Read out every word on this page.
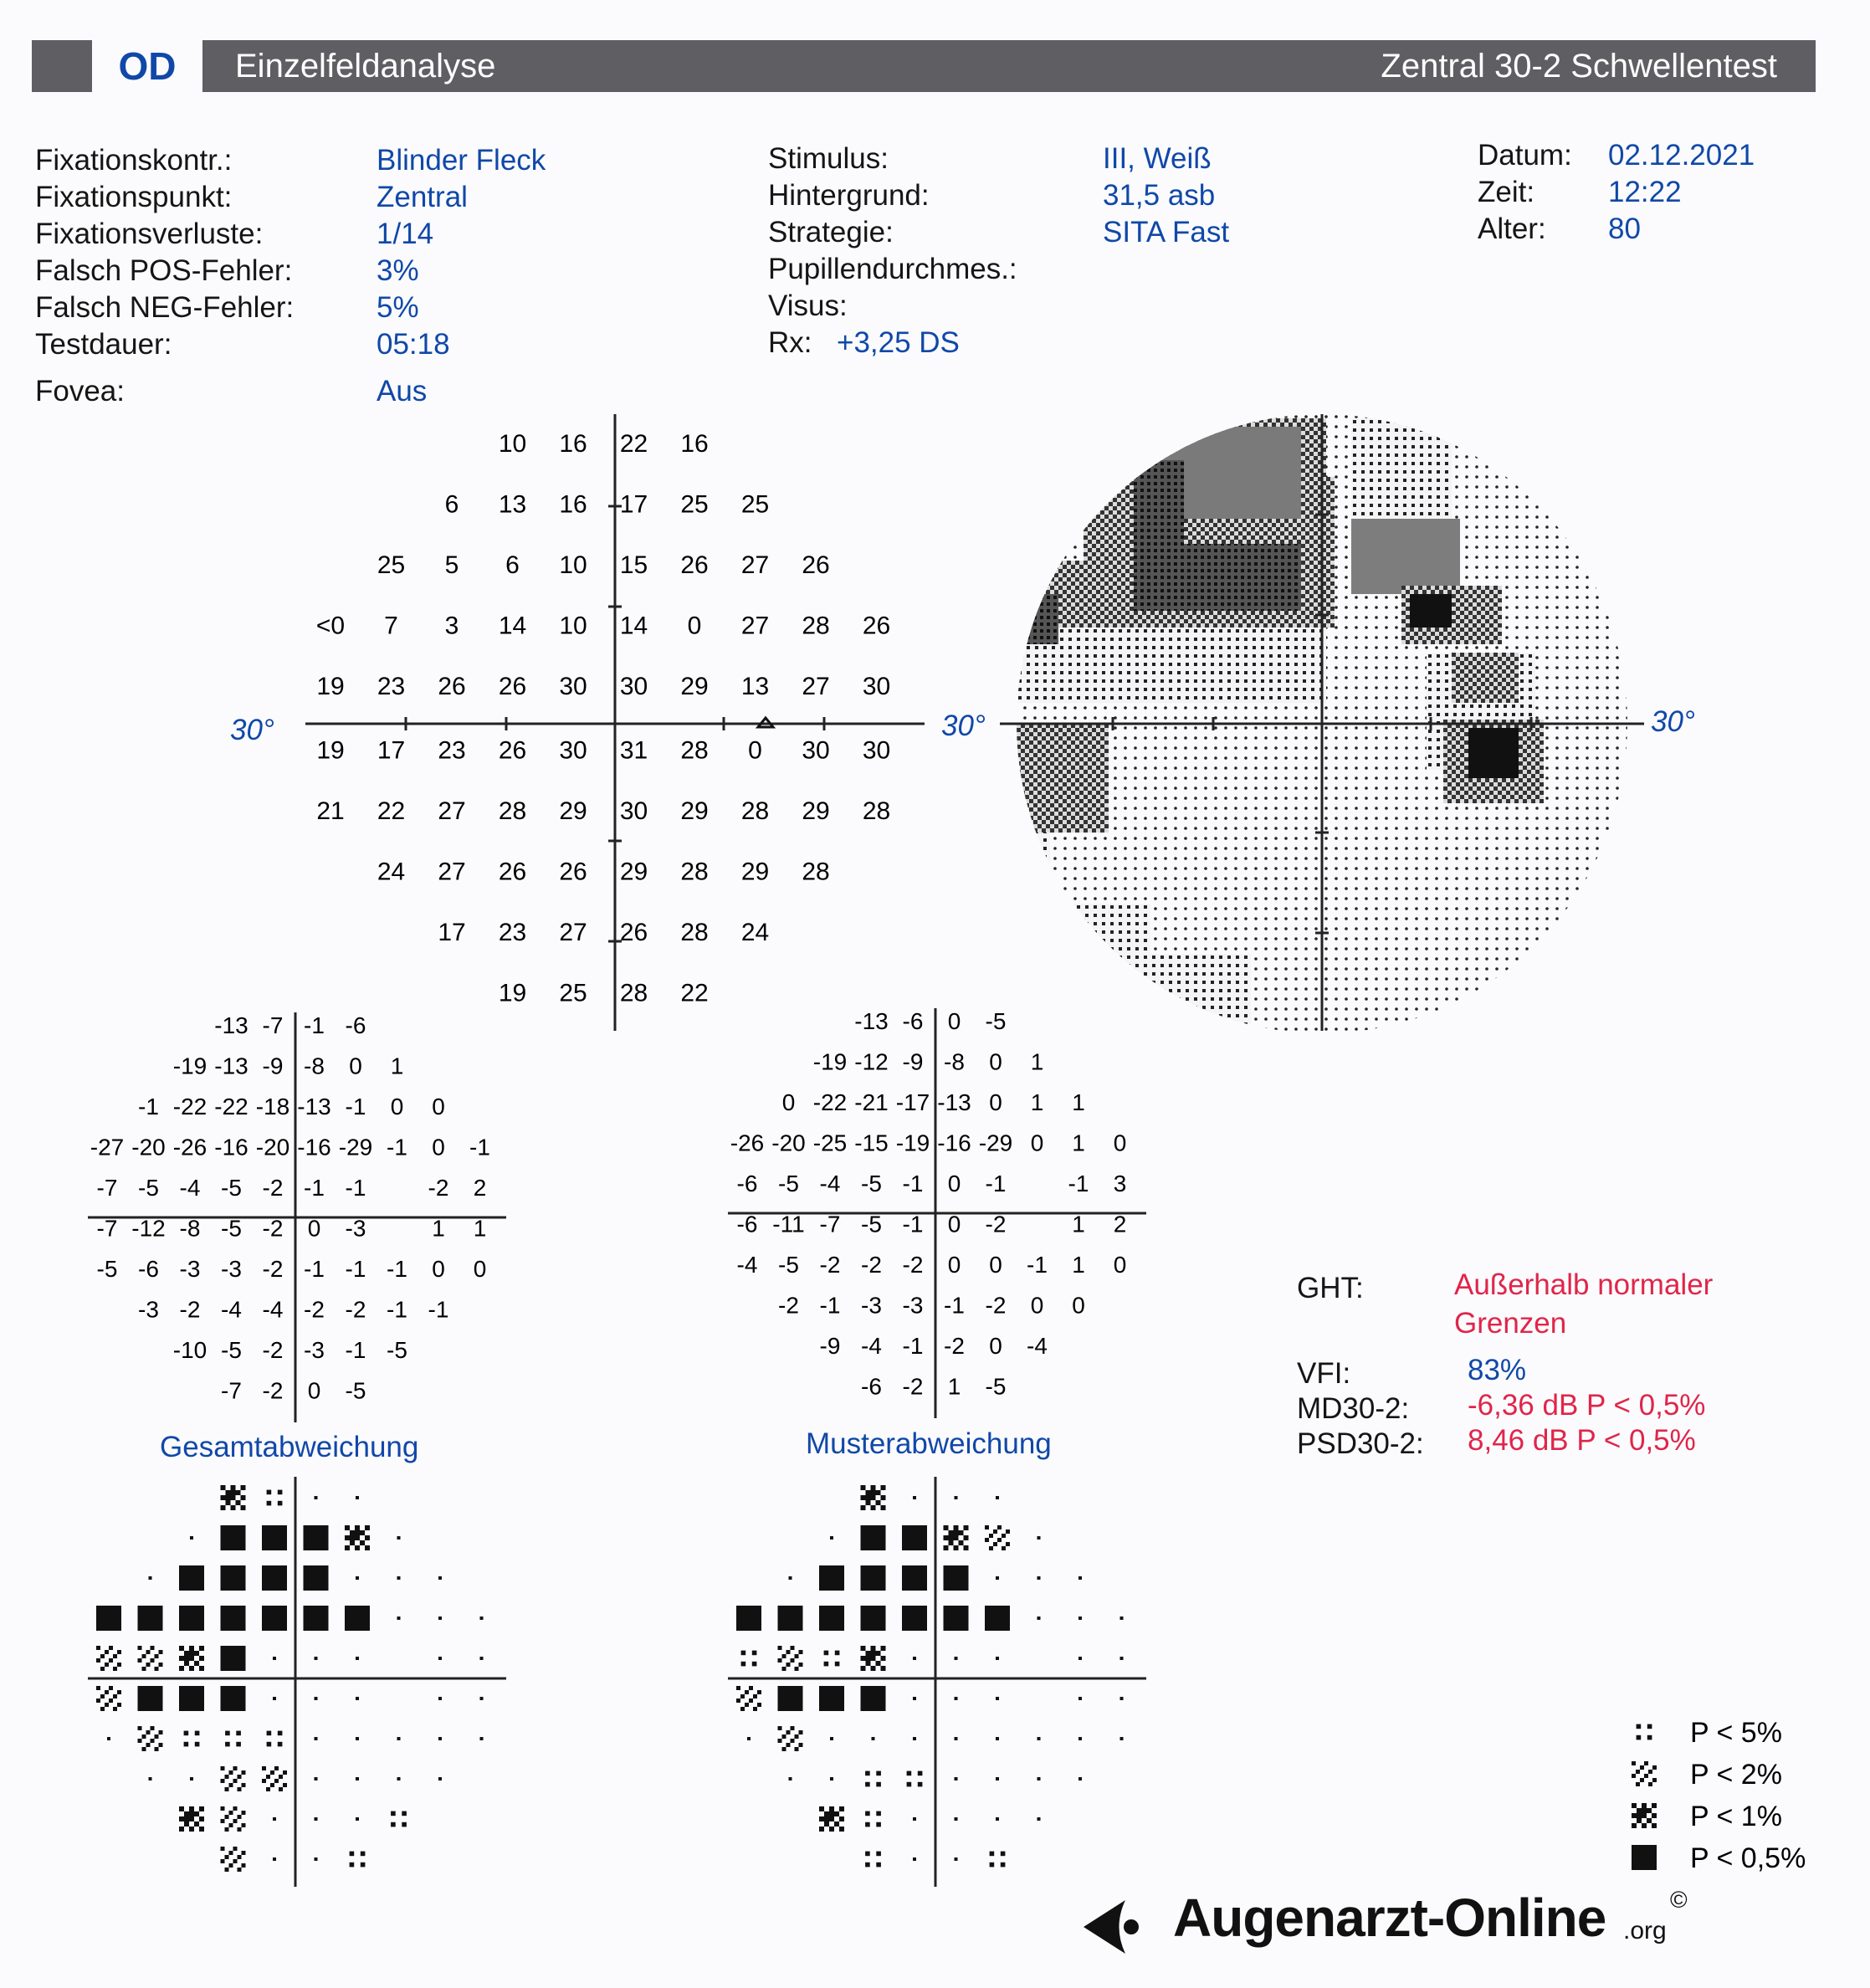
OD	Einzelfeldanalyse	Zentral 30-2 Schwellentest
Fixationskontr.:	Blinder Fleck
Fixationspunkt:	Zentral
Fixationsverluste:	1/14
Falsch POS-Fehler:	3%
Falsch NEG-Fehler:	5%
Testdauer:	05:18
Fovea:	Aus
Stimulus:	III, Weiß
Hintergrund:	31,5 asb
Strategie:	SITA Fast
Pupillendurchmes.:
Visus:
Rx: +3,25 DS
Datum: 02.12.2021
Zeit:	12:22
Alter: 80
10 16 22 16
6 13 16 17 25 25
25 5 6 10 15 26 27 26
<0 7 3 14 10 14 0 27 28 26
19 23 26 26 30 30 29 13 27 30
19 17 23 26 30 31 28 0 30 30
21 22 27 28 29 30 29 28 29 28
24 27 26 26 29 28 29 28
17 23 27 26 28 24
19 25 28 22
30°	30°	30°
-13 -7 -1 -6
-19 -13 -9 -8 0 1
-1 -22 -22 -18 -13 -1 0 0
-27 -20 -26 -16 -20 -16 -29 -1 0 -1
-7 -5 -4 -5 -2 -1 -1	-2 2
-7 -12 -8 -5 -2 0 -3	1 1
-5 -6 -3 -3 -2 -1 -1 -1 0 0
-3 -2 -4 -4 -2 -2 -1 -1
-10 -5 -2 -3 -1 -5
-7 -2 0 -5
-13 -6 0 -5
-19 -12 -9 -8 0 1
0 -22 -21 -17 -13 0 1 1
-26 -20 -25 -15 -19 -16 -29 0 1 0
-6 -5 -4 -5 -1 0 -1	-1 3
-6 -11 -7 -5 -1 0 -2	1 2
-4 -5 -2 -2 -2 0 0 -1 1 0
-2 -1 -3 -3 -1 -2 0 0
-9 -4 -1 -2 0 -4
-6 -2 1 -5
Gesamtabweichung	Musterabweichung
GHT:	Außerhalb normaler
Grenzen
VFI:	83%
MD30-2: -6,36 dB P < 0,5%
PSD30-2: 8,46 dB P < 0,5%
P < 5%
P < 2%
P < 1%
P < 0,5%
Augenarzt-Online .org
©
